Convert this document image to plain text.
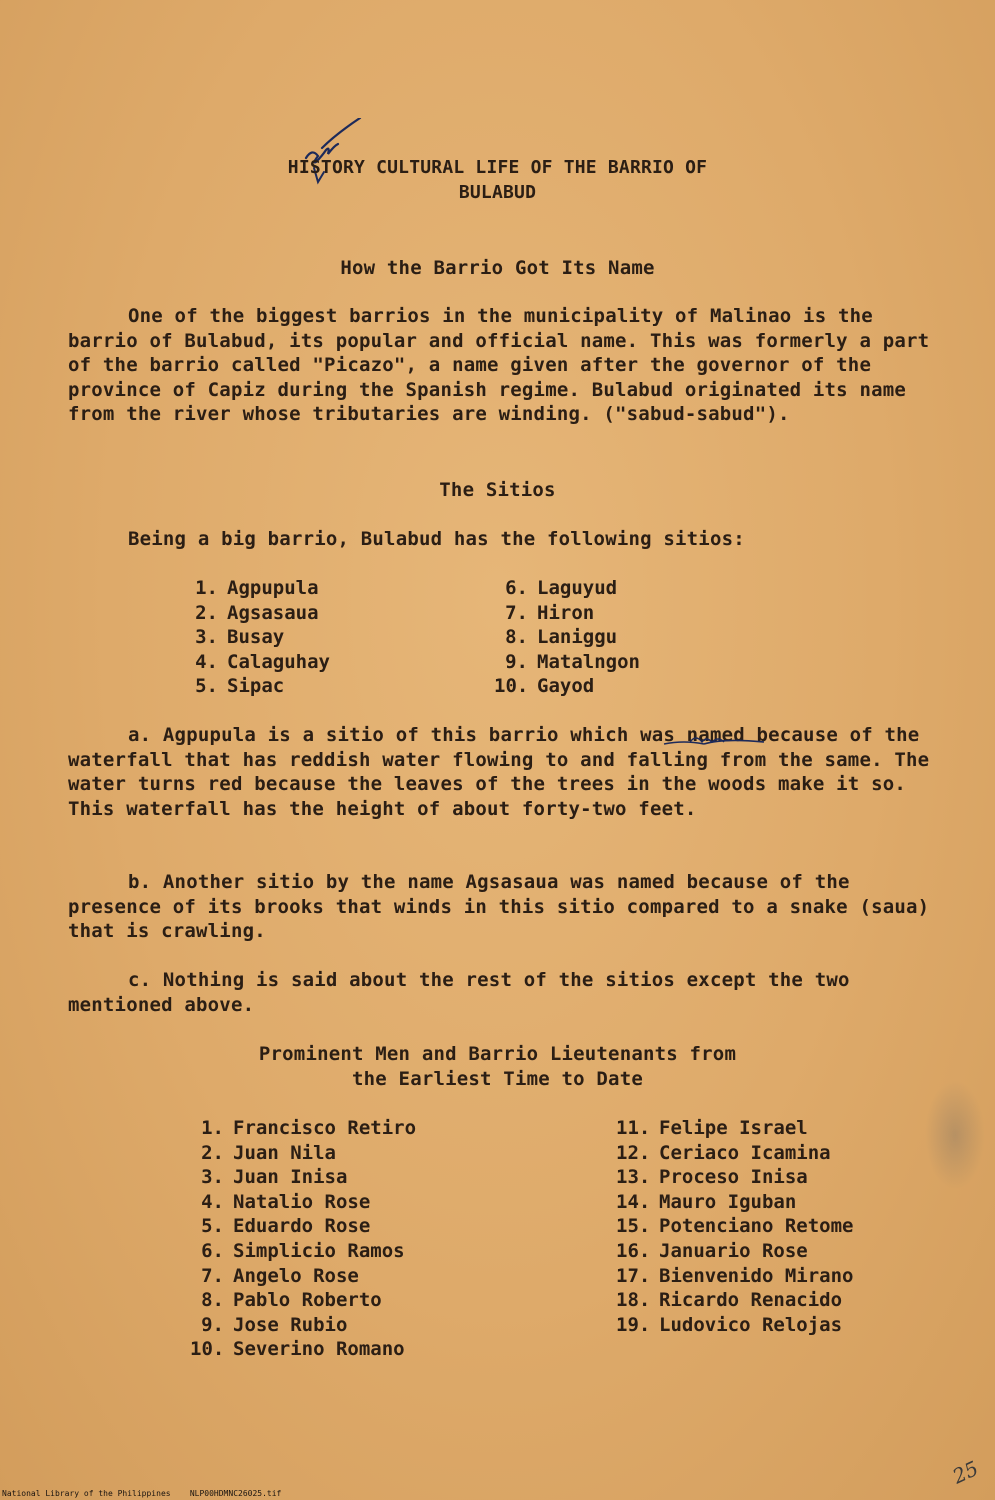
HISTORY CULTURAL LIFE OF THE BARRIO OF
BULABUD
How the Barrio Got Its Name
One of the biggest barrios in the municipality of Malinao is the barrio of Bulabud, its popular and official name. This was formerly a part of the barrio called "Picazo", a name given after the governor of the province of Capiz during the Spanish regime. Bulabud originated its name from the river whose tributaries are winding. ("sabud-sabud").
The Sitios
Being a big barrio, Bulabud has the following sitios:
1. Agpupula
2. Agsasaua
3. Busay
4. Calaguhay
5. Sipac
6. Laguyud
7. Hiron
8. Laniggu
9. Matalngon
10. Gayod
a. Agpupula is a sitio of this barrio which was named because of the waterfall that has reddish water flowing to and falling from the same. The water turns red because the leaves of the trees in the woods make it so. This waterfall has the height of about forty-two feet.
b. Another sitio by the name Agsasaua was named because of the presence of its brooks that winds in this sitio compared to a snake (saua) that is crawling.
c. Nothing is said about the rest of the sitios except the two mentioned above.
Prominent Men and Barrio Lieutenants from
the Earliest Time to Date
1. Francisco Retiro
2. Juan Nila
3. Juan Inisa
4. Natalio Rose
5. Eduardo Rose
6. Simplicio Ramos
7. Angelo Rose
8. Pablo Roberto
9. Jose Rubio
10. Severino Romano
11. Felipe Israel
12. Ceriaco Icamina
13. Proceso Inisa
14. Mauro Iguban
15. Potenciano Retome
16. Januario Rose
17. Bienvenido Mirano
18. Ricardo Renacido
19. Ludovico Relojas
25
National Library of the Philippines NLP00HDMNC26025.tif
